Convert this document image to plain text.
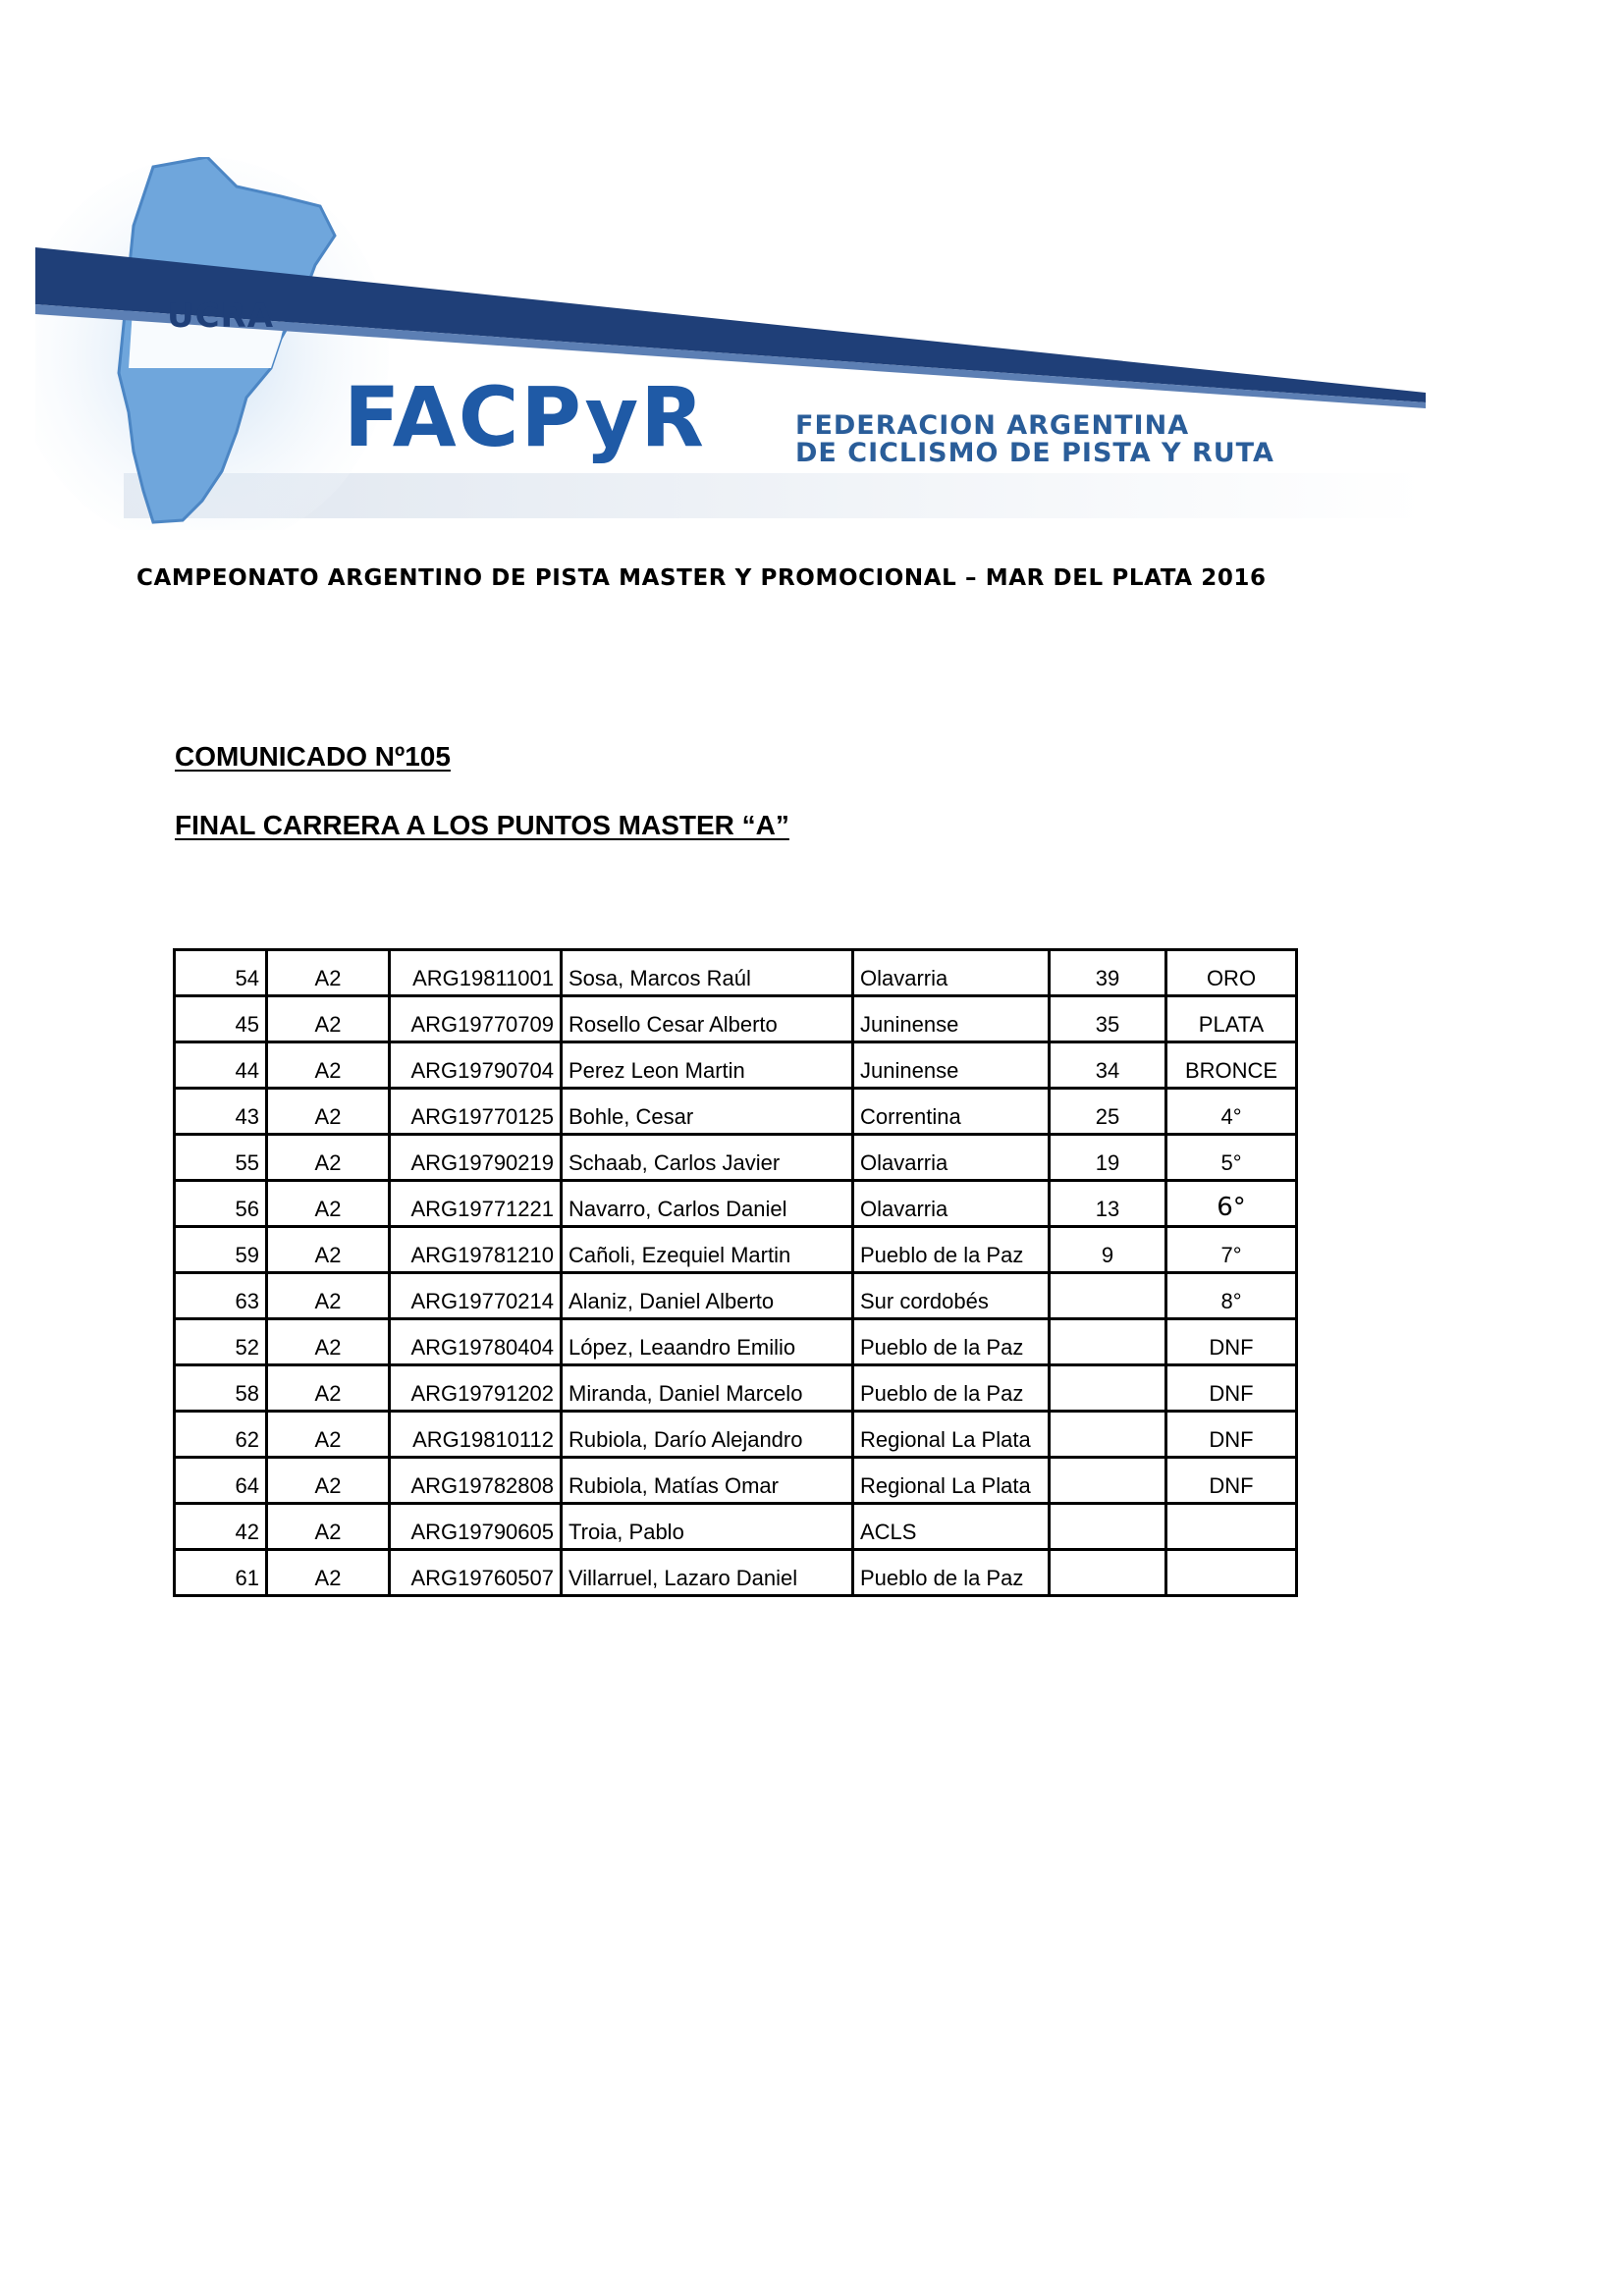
UCRA
FACPyR	FEDERACION ARGENTINA
DE CICLISMO DE PISTA Y RUTA
CAMPEONATO ARGENTINO DE PISTA MASTER Y PROMOCIONAL – MAR DEL PLATA 2016
COMUNICADO Nº105
FINAL CARRERA A LOS PUNTOS MASTER “A”
54	A2	ARG19811001	Sosa, Marcos Raúl	Olavarria	39	ORO
45	A2	ARG19770709	Rosello Cesar Alberto	Juninense	35	PLATA
44	A2	ARG19790704	Perez Leon Martin	Juninense	34	BRONCE
43	A2	ARG19770125	Bohle, Cesar	Correntina	25	4°
55	A2	ARG19790219	Schaab, Carlos Javier	Olavarria	19	5°
56	A2	ARG19771221	Navarro, Carlos Daniel	Olavarria	13	6°
59	A2	ARG19781210	Cañoli, Ezequiel Martin	Pueblo de la Paz	9	7°
63	A2	ARG19770214	Alaniz, Daniel Alberto	Sur cordobés		8°
52	A2	ARG19780404	López, Leaandro Emilio	Pueblo de la Paz		DNF
58	A2	ARG19791202	Miranda, Daniel Marcelo	Pueblo de la Paz		DNF
62	A2	ARG19810112	Rubiola, Darío Alejandro	Regional La Plata		DNF
64	A2	ARG19782808	Rubiola, Matías Omar	Regional La Plata		DNF
42	A2	ARG19790605	Troia, Pablo	ACLS		
61	A2	ARG19760507	Villarruel, Lazaro Daniel	Pueblo de la Paz		
